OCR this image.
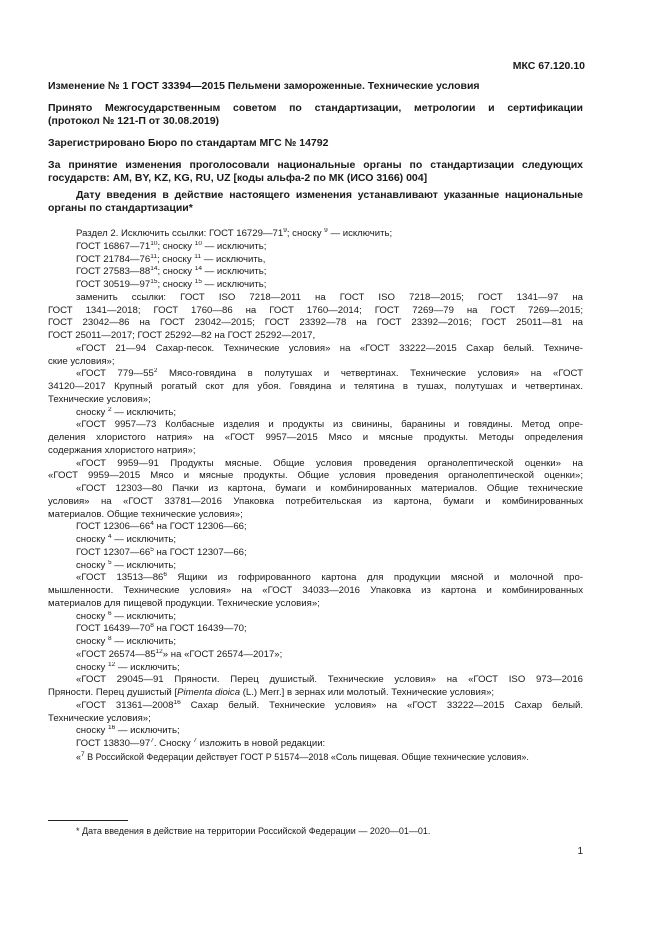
МКС 67.120.10
Изменение № 1 ГОСТ 33394—2015 Пельмени замороженные. Технические условия
Принято Межгосударственным советом по стандартизации, метрологии и сертификации
(протокол № 121-П от 30.08.2019)
Зарегистрировано Бюро по стандартам МГС № 14792
За принятие изменения проголосовали национальные органы по стандартизации следующих
государств: AM, BY, KZ, KG, RU, UZ [коды альфа-2 по МК (ИСО 3166) 004]
Дату введения в действие настоящего изменения устанавливают указанные национальные
органы по стандартизации*
Раздел 2. Исключить ссылки: ГОСТ $16729—71^9$; сноску $^9$ — исключить;
ГОСТ $16867—71^{10}$; сноску $^{10}$ — исключить;
ГОСТ $21784—76^{11}$; сноску $^{11}$ — исключить,
ГОСТ $27583—88^{14}$; сноску $^{14}$ — исключить;
ГОСТ $30519—97^{15}$; сноску $^{15}$ — исключить;
заменить ссылки: ГОСТ ISO 7218—2011 на ГОСТ ISO 7218—2015; ГОСТ 1341—97 на
ГОСТ 1341—2018; ГОСТ 1760—86 на ГОСТ 1760—2014; ГОСТ 7269—79 на ГОСТ 7269—2015;
ГОСТ 23042—86 на ГОСТ 23042—2015; ГОСТ 23392—78 на ГОСТ 23392—2016; ГОСТ 25011—81 на
ГОСТ 25011—2017; ГОСТ 25292—82 на ГОСТ 25292—2017,
«ГОСТ 21—94 Сахар-песок. Технические условия» на «ГОСТ 33222—2015 Сахар белый. Техниче-
ские условия»;
«ГОСТ $779—55^2$ Мясо-говядина в полутушах и четвертинах. Технические условия» на «ГОСТ
34120—2017 Крупный рогатый скот для убоя. Говядина и телятина в тушах, полутушах и четвертинах.
Технические условия»;
сноску $^2$ — исключить;
«ГОСТ 9957—73 Колбасные изделия и продукты из свинины, баранины и говядины. Метод опре-
деления хлористого натрия» на «ГОСТ 9957—2015 Мясо и мясные продукты. Методы определения
содержания хлористого натрия»;
«ГОСТ 9959—91 Продукты мясные. Общие условия проведения органолептической оценки» на
«ГОСТ 9959—2015 Мясо и мясные продукты. Общие условия проведения органолептической оценки»;
«ГОСТ 12303—80 Пачки из картона, бумаги и комбинированных материалов. Общие технические
условия» на «ГОСТ 33781—2016 Упаковка потребительская из картона, бумаги и комбинированных
материалов. Общие технические условия»;
ГОСТ $12306—66^4$ на ГОСТ 12306—66;
сноску $^4$ — исключить;
ГОСТ $12307—66^5$ на ГОСТ 12307—66;
сноску $^5$ — исключить;
«ГОСТ $13513—86^6$ Ящики из гофрированного картона для продукции мясной и молочной про-
мышленности. Технические условия» на «ГОСТ 34033—2016 Упаковка из картона и комбинированных
материалов для пищевой продукции. Технические условия»;
сноску $^6$ — исключить;
ГОСТ $16439—70^8$ на ГОСТ 16439—70;
сноску $^8$ — исключить;
«ГОСТ $26574—85^{12}$» на «ГОСТ 26574—2017»;
сноску $^{12}$ — исключить;
«ГОСТ 29045—91 Пряности. Перец душистый. Технические условия» на «ГОСТ ISO 973—2016
Пряности. Перец душистый [Pimenta dioica (L.) Merr.] в зернах или молотый. Технические условия»;
«ГОСТ 31361—2008$^{16}$ Сахар белый. Технические условия» на «ГОСТ 33222—2015 Сахар белый.
Технические условия»;
сноску $^{16}$ — исключить;
ГОСТ $13830—97^7$. Сноску $^7$ изложить в новой редакции:
«$^7$ В Российской Федерации действует ГОСТ Р 51574—2018 «Соль пищевая. Общие технические условия».
* Дата введения в действие на территории Российской Федерации — 2020—01—01.
1
